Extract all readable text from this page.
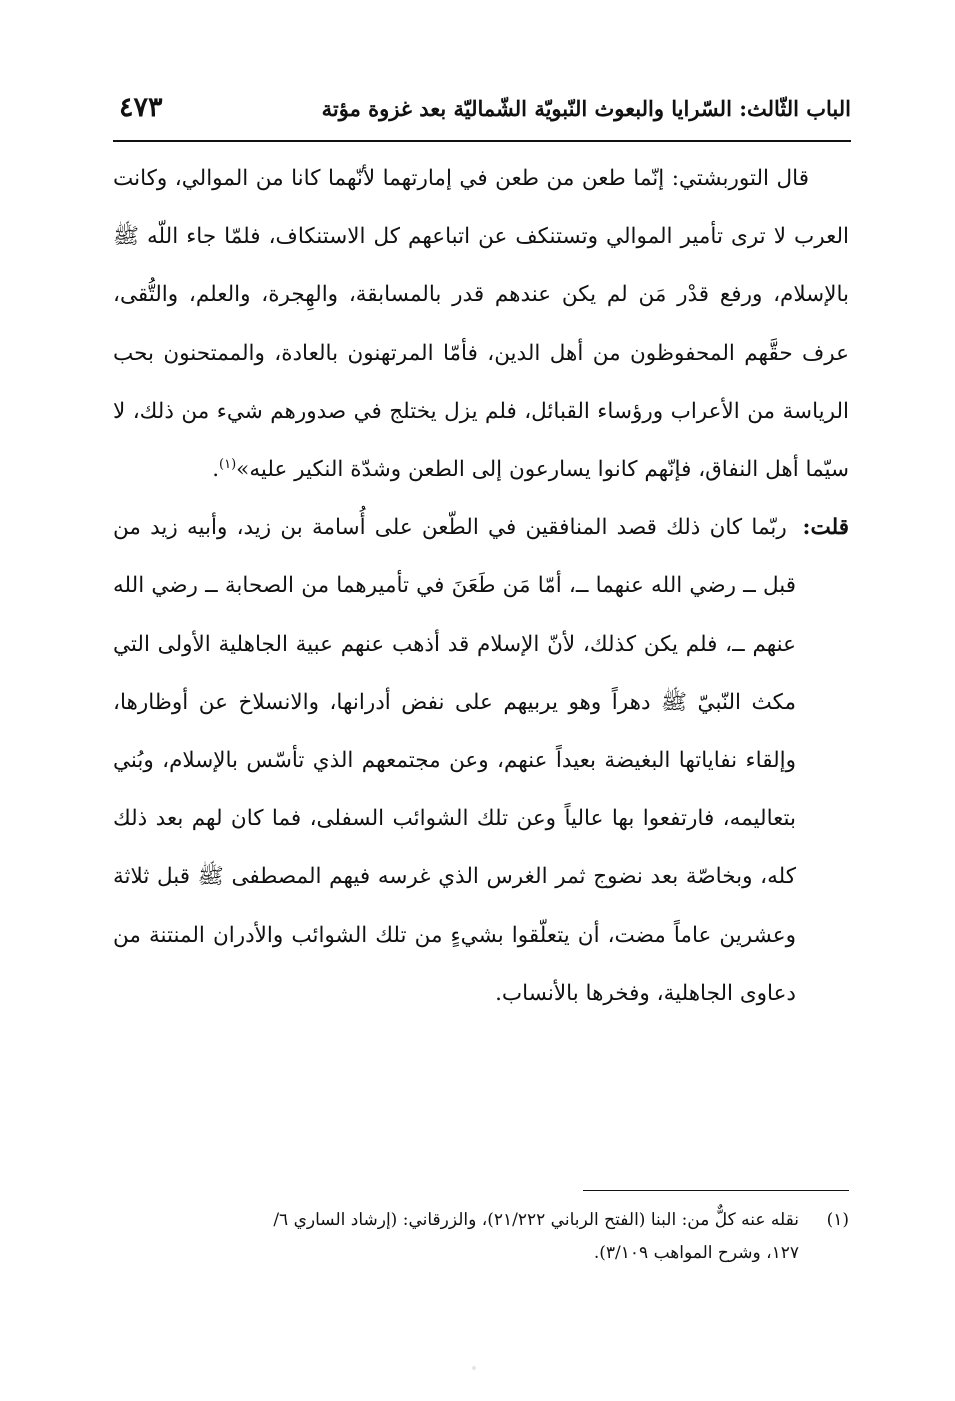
الباب الثّالث: السّرايا والبعوث النّبويّة الشّماليّة بعد غزوة مؤتة
٤٧٣

قال التوربشتي: إنّما طعن من طعن في إمارتهما لأنّهما كانا من الموالي، وكانت العرب لا ترى تأمير الموالي وتستنكف عن اتباعهم كل الاستنكاف، فلمّا جاء اللّه ﷺ بالإسلام، ورفع قدْر مَن لم يكن عندهم قدر بالمسابقة، والهِجرة، والعلم، والتُّقى، عرف حقَّهم المحفوظون من أهل الدين، فأمّا المرتهنون بالعادة، والممتحنون بحب الرياسة من الأعراب ورؤساء القبائل، فلم يزل يختلج في صدورهم شيء من ذلك، لا سيّما أهل النفاق، فإنّهم كانوا يسارعون إلى الطعن وشدّة النكير عليه»$^{(١)}$.

قلت: ربّما كان ذلك قصد المنافقين في الطّعن على أُسامة بن زيد، وأبيه زيد من قبل ــ رضي الله عنهما ــ، أمّا مَن طَعَنَ في تأميرهما من الصحابة ــ رضي الله عنهم ــ، فلم يكن كذلك، لأنّ الإسلام قد أذهب عنهم عبية الجاهلية الأولى التي مكث النّبيّ ﷺ دهراً وهو يربيهم على نفض أدرانها، والانسلاخ عن أوظارها، وإلقاء نفاياتها البغيضة بعيداً عنهم، وعن مجتمعهم الذي تأسّس بالإسلام، وبُني بتعاليمه، فارتفعوا بها عالياً وعن تلك الشوائب السفلى، فما كان لهم بعد ذلك كله، وبخاصّة بعد نضوج ثمر الغرس الذي غرسه فيهم المصطفى ﷺ قبل ثلاثة وعشرين عاماً مضت، أن يتعلّقوا بشيءٍ من تلك الشوائب والأدران المنتنة من دعاوى الجاهلية، وفخرها بالأنساب.

(١)نقله عنه كلٌّ من: البنا (الفتح الرباني ٢١/٢٢٢)، والزرقاني: (إرشاد الساري ٦/
١٢٧، وشرح المواهب ٣/١٠٩).
